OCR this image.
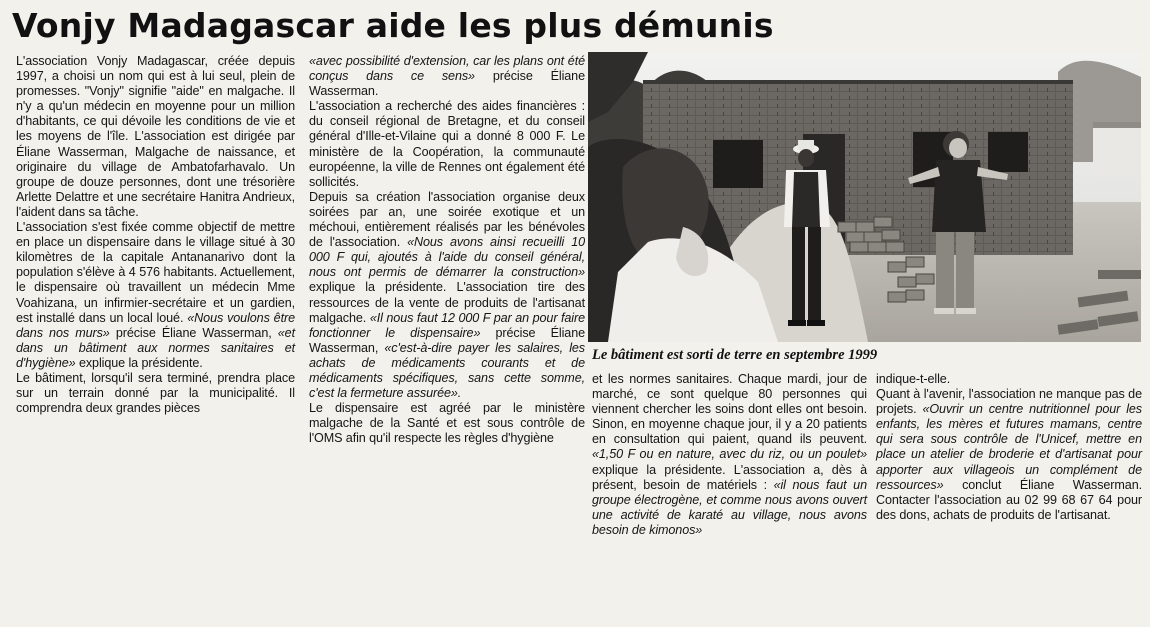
Vonjy Madagascar aide les plus démunis

L'association Vonjy Madagascar, créée depuis 1997, a choisi un nom qui est à lui seul, plein de promesses. "Vonjy" signifie "aide" en malgache. Il n'y a qu'un médecin en moyenne pour un million d'habitants, ce qui dévoile les conditions de vie et les moyens de l'île. L'association est dirigée par Éliane Wasserman, Malgache de naissance, et originaire du village de Ambatofarhavalo. Un groupe de douze personnes, dont une trésorière Arlette Delattre et une secrétaire Hanitra Andrieux, l'aident dans sa tâche.

L'association s'est fixée comme objectif de mettre en place un dispensaire dans le village situé à 30 kilomètres de la capitale Antananarivo dont la population s'élève à 4 576 habitants. Actuellement, le dispensaire où travaillent un médecin Mme Voahizana, un infirmier-secrétaire et un gardien, est installé dans un local loué. «Nous voulons être dans nos murs» précise Éliane Wasserman, «et dans un bâtiment aux normes sanitaires et d'hygiène» explique la présidente.

Le bâtiment, lorsqu'il sera terminé, prendra place sur un terrain donné par la municipalité. Il comprendra deux grandes pièces

«avec possibilité d'extension, car les plans ont été conçus dans ce sens» précise Éliane Wasserman.

L'association a recherché des aides financières : du conseil régional de Bretagne, et du conseil général d'Ille-et-Vilaine qui a donné 8 000 F. Le ministère de la Coopération, la communauté européenne, la ville de Rennes ont également été sollicités.

Depuis sa création l'association organise deux soirées par an, une soirée exotique et un méchoui, entièrement réalisés par les bénévoles de l'association. «Nous avons ainsi recueilli 10 000 F qui, ajoutés à l'aide du conseil général, nous ont permis de démarrer la construction» explique la présidente. L'association tire des ressources de la vente de produits de l'artisanat malgache. «Il nous faut 12 000 F par an pour faire fonctionner le dispensaire» précise Éliane Wasserman, «c'est-à-dire payer les salaires, les achats de médicaments courants et de médicaments spécifiques, sans cette somme, c'est la fermeture assurée».

Le dispensaire est agréé par le ministère malgache de la Santé et est sous contrôle de l'OMS afin qu'il respecte les règles d'hygiène

Le bâtiment est sorti de terre en septembre 1999

et les normes sanitaires. Chaque mardi, jour de marché, ce sont quelque 80 personnes qui viennent chercher les soins dont elles ont besoin. Sinon, en moyenne chaque jour, il y a 20 patients en consultation qui paient, quand ils peuvent. «1,50 F ou en nature, avec du riz, ou un poulet» explique la présidente. L'association a, dès à présent, besoin de matériels : «il nous faut un groupe électrogène, et comme nous avons ouvert une activité de karaté au village, nous avons besoin de kimonos»

indique-t-elle.

Quant à l'avenir, l'association ne manque pas de projets. «Ouvrir un centre nutritionnel pour les enfants, les mères et futures mamans, centre qui sera sous contrôle de l'Unicef, mettre en place un atelier de broderie et d'artisanat pour apporter aux villageois un complément de ressources» conclut Éliane Wasserman. Contacter l'association au 02 99 68 67 64 pour des dons, achats de produits de l'artisanat.
